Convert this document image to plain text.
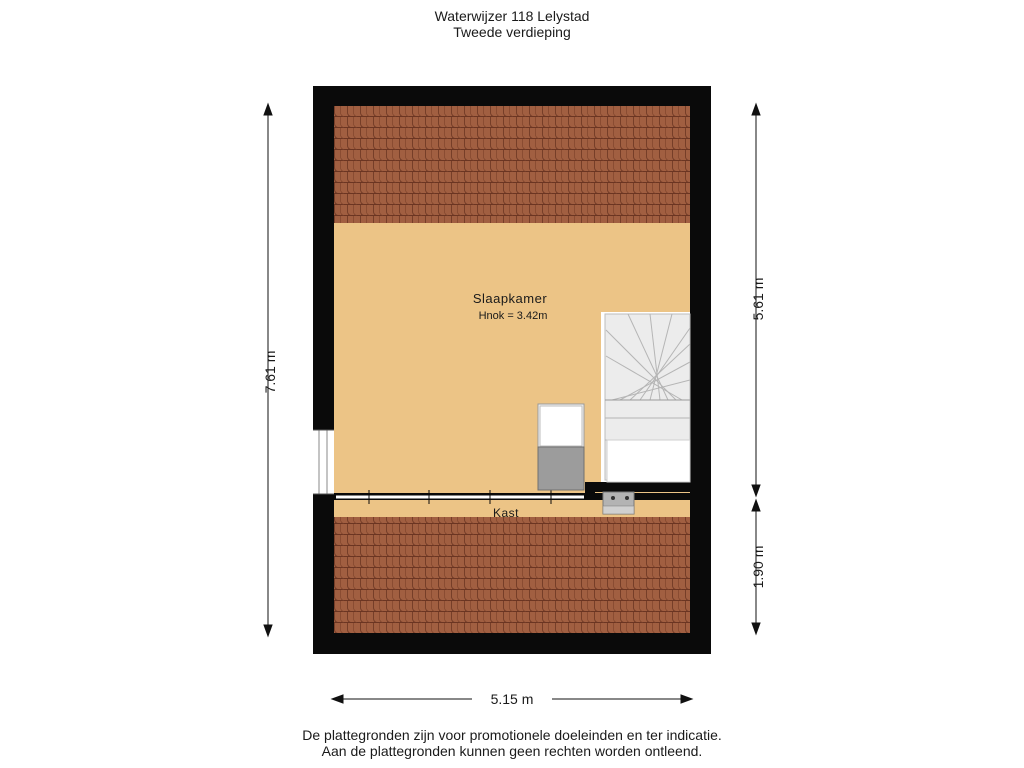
Waterwijzer 118 Lelystad
Tweede verdieping
Slaapkamer
Hnok = 3.42m
Kast
7.61 m
5.61 m
1.90 m
5.15 m
De plattegronden zijn voor promotionele doeleinden en ter indicatie.
Aan de plattegronden kunnen geen rechten worden ontleend.
